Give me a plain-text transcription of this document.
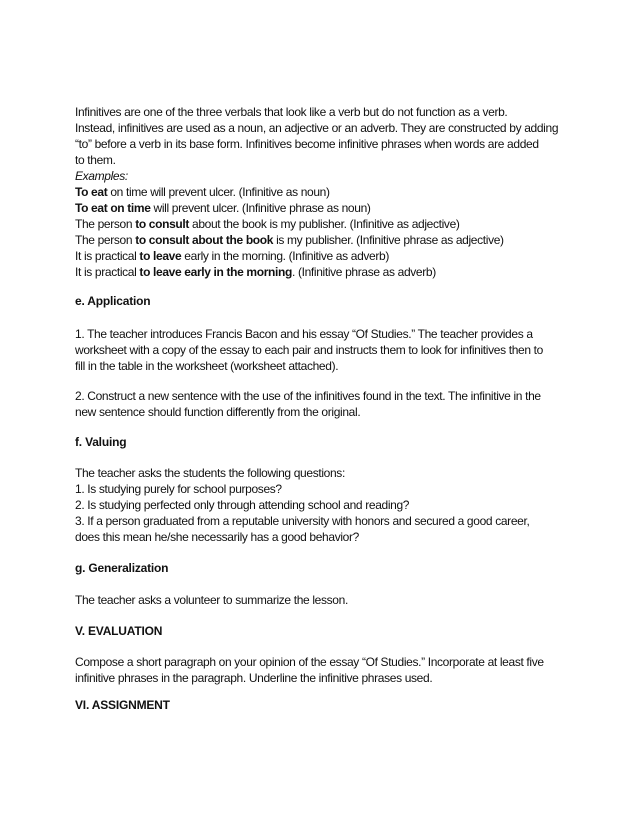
Infinitives are one of the three verbals that look like a verb but do not function as a verb.
Instead, infinitives are used as a noun, an adjective or an adverb. They are constructed by adding
“to” before a verb in its base form. Infinitives become infinitive phrases when words are added
to them.
Examples:
To eat on time will prevent ulcer. (Infinitive as noun)
To eat on time will prevent ulcer. (Infinitive phrase as noun)
The person to consult about the book is my publisher. (Infinitive as adjective)
The person to consult about the book is my publisher. (Infinitive phrase as adjective)
It is practical to leave early in the morning. (Infinitive as adverb)
It is practical to leave early in the morning. (Infinitive phrase as adverb)
e. Application
1. The teacher introduces Francis Bacon and his essay “Of Studies.” The teacher provides a
worksheet with a copy of the essay to each pair and instructs them to look for infinitives then to
fill in the table in the worksheet (worksheet attached).
2. Construct a new sentence with the use of the infinitives found in the text. The infinitive in the
new sentence should function differently from the original.
f. Valuing
The teacher asks the students the following questions:
1. Is studying purely for school purposes?
2. Is studying perfected only through attending school and reading?
3. If a person graduated from a reputable university with honors and secured a good career,
does this mean he/she necessarily has a good behavior?
g. Generalization
The teacher asks a volunteer to summarize the lesson.
V. EVALUATION
Compose a short paragraph on your opinion of the essay “Of Studies.” Incorporate at least five
infinitive phrases in the paragraph. Underline the infinitive phrases used.
VI. ASSIGNMENT
